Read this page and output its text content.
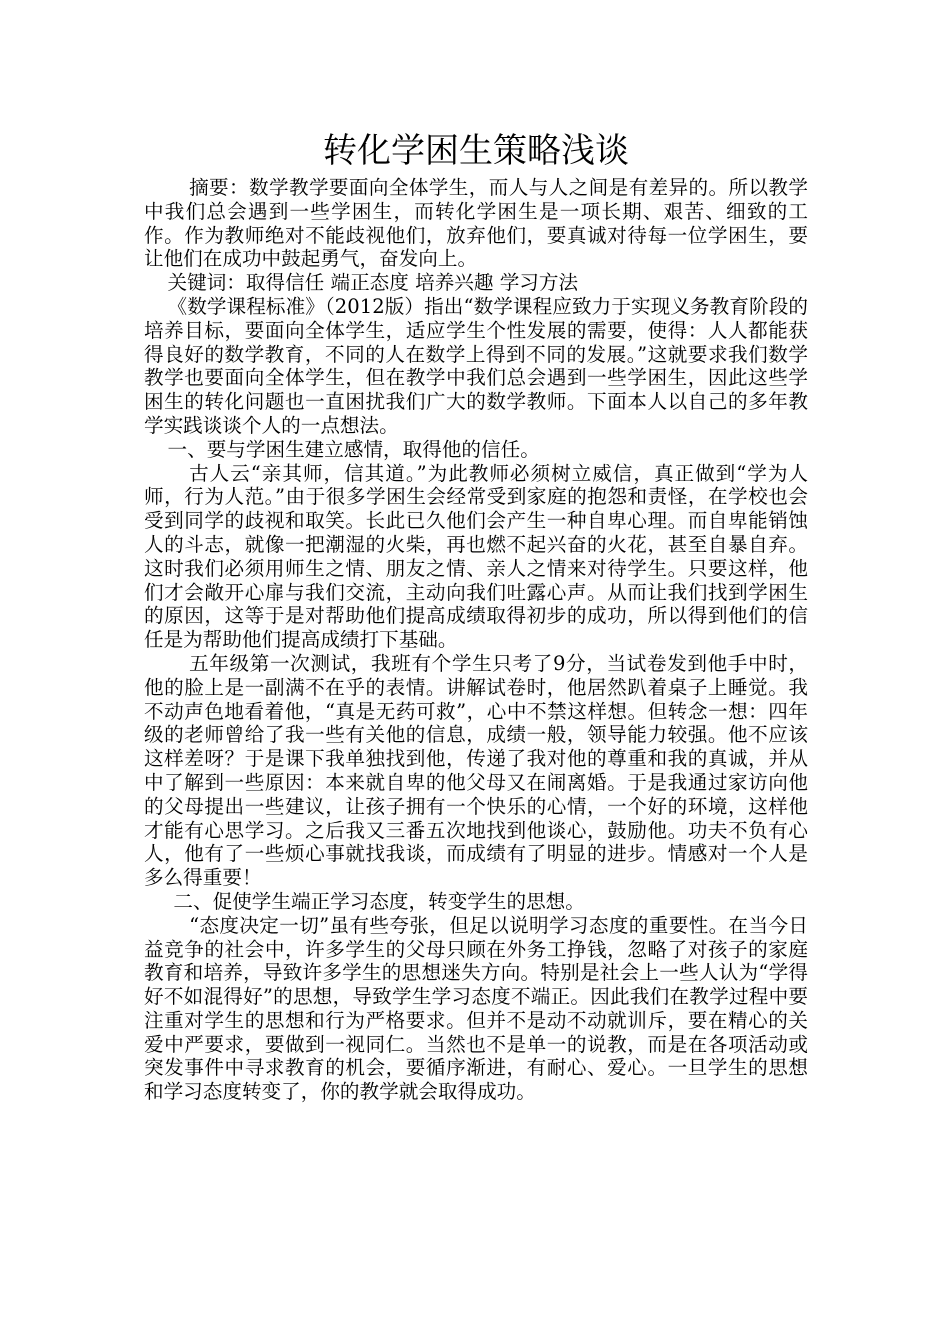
转化学困生策略浅谈

摘要：数学教学要面向全体学生，而人与人之间是有差异的。所以教学中我们总会遇到一些学困生，而转化学困生是一项长期、艰苦、细致的工作。作为教师绝对不能歧视他们，放弃他们，要真诚对待每一位学困生，要让他们在成功中鼓起勇气，奋发向上。

关键词：取得信任 端正态度 培养兴趣 学习方法

《数学课程标准》（2012版）指出“数学课程应致力于实现义务教育阶段的培养目标，要面向全体学生，适应学生个性发展的需要，使得：人人都能获得良好的数学教育，不同的人在数学上得到不同的发展。”这就要求我们数学教学也要面向全体学生，但在教学中我们总会遇到一些学困生，因此这些学困生的转化问题也一直困扰我们广大的数学教师。下面本人以自己的多年教学实践谈谈个人的一点想法。

一、要与学困生建立感情，取得他的信任。

古人云“亲其师，信其道。”为此教师必须树立威信，真正做到“学为人师，行为人范。”由于很多学困生会经常受到家庭的抱怨和责怪，在学校也会受到同学的歧视和取笑。长此已久他们会产生一种自卑心理。而自卑能销蚀人的斗志，就像一把潮湿的火柴，再也燃不起兴奋的火花，甚至自暴自弃。这时我们必须用师生之情、朋友之情、亲人之情来对待学生。只要这样，他们才会敞开心扉与我们交流，主动向我们吐露心声。从而让我们找到学困生的原因，这等于是对帮助他们提高成绩取得初步的成功，所以得到他们的信任是为帮助他们提高成绩打下基础。

五年级第一次测试，我班有个学生只考了9分，当试卷发到他手中时，他的脸上是一副满不在乎的表情。讲解试卷时，他居然趴着桌子上睡觉。我不动声色地看着他，“真是无药可救”，心中不禁这样想。但转念一想：四年级的老师曾给了我一些有关他的信息，成绩一般，领导能力较强。他不应该这样差呀？于是课下我单独找到他，传递了我对他的尊重和我的真诚，并从中了解到一些原因：本来就自卑的他父母又在闹离婚。于是我通过家访向他的父母提出一些建议，让孩子拥有一个快乐的心情，一个好的环境，这样他才能有心思学习。之后我又三番五次地找到他谈心，鼓励他。功夫不负有心人，他有了一些烦心事就找我谈，而成绩有了明显的进步。情感对一个人是多么得重要！

二、促使学生端正学习态度，转变学生的思想。

“态度决定一切”虽有些夸张，但足以说明学习态度的重要性。在当今日益竞争的社会中，许多学生的父母只顾在外务工挣钱，忽略了对孩子的家庭教育和培养，导致许多学生的思想迷失方向。特别是社会上一些人认为“学得好不如混得好”的思想，导致学生学习态度不端正。因此我们在教学过程中要注重对学生的思想和行为严格要求。但并不是动不动就训斥，要在精心的关爱中严要求，要做到一视同仁。当然也不是单一的说教，而是在各项活动或突发事件中寻求教育的机会，要循序渐进，有耐心、爱心。一旦学生的思想和学习态度转变了，你的教学就会取得成功。
